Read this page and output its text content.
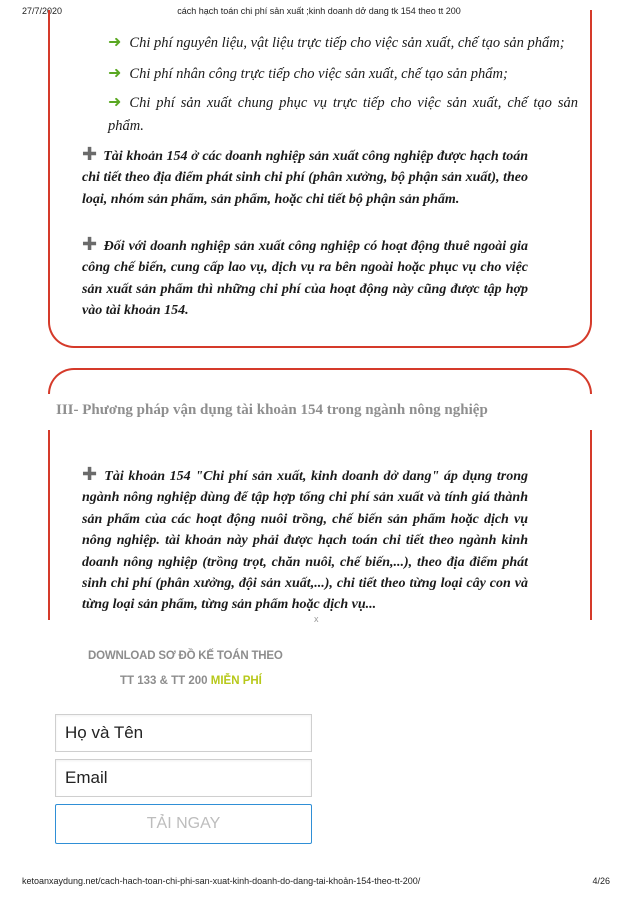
27/7/2020	cách hạch toán chi phí sản xuất ;kinh doanh dở dang tk 154 theo tt 200
➜ Chi phí nguyên liệu, vật liệu trực tiếp cho việc sản xuất, chế tạo sản phẩm;
➜ Chi phí nhân công trực tiếp cho việc sản xuất, chế tạo sản phẩm;
➜ Chi phí sản xuất chung phục vụ trực tiếp cho việc sản xuất, chế tạo sản phẩm.
✚ Tài khoản 154 ở các doanh nghiệp sản xuất công nghiệp được hạch toán chi tiết theo địa điểm phát sinh chi phí (phân xưởng, bộ phận sản xuất), theo loại, nhóm sản phẩm, sản phẩm, hoặc chi tiết bộ phận sản phẩm.
✚ Đối với doanh nghiệp sản xuất công nghiệp có hoạt động thuê ngoài gia công chế biến, cung cấp lao vụ, dịch vụ ra bên ngoài hoặc phục vụ cho việc sản xuất sản phẩm thì những chi phí của hoạt động này cũng được tập hợp vào tài khoản 154.
III- Phương pháp vận dụng tài khoản 154 trong ngành nông nghiệp
✚ Tài khoản 154 "Chi phí sản xuất, kinh doanh dở dang" áp dụng trong ngành nông nghiệp dùng để tập hợp tổng chi phí sản xuất và tính giá thành sản phẩm của các hoạt động nuôi trồng, chế biến sản phẩm hoặc dịch vụ nông nghiệp. tài khoản này phải được hạch toán chi tiết theo ngành kinh doanh nông nghiệp (trồng trọt, chăn nuôi, chế biến,...), theo địa điểm phát sinh chi phí (phân xưởng, đội sản xuất,...), chi tiết theo từng loại cây con và từng loại sản phẩm, từng sản phẩm hoặc dịch vụ...
x
DOWNLOAD SƠ ĐỒ KẾ TOÁN THEO
TT 133 & TT 200 MIỄN PHÍ
Họ và Tên
Email
TẢI NGAY
ketoanxaydung.net/cach-hach-toan-chi-phi-san-xuat-kinh-doanh-do-dang-tai-khoản-154-theo-tt-200/	4/26
